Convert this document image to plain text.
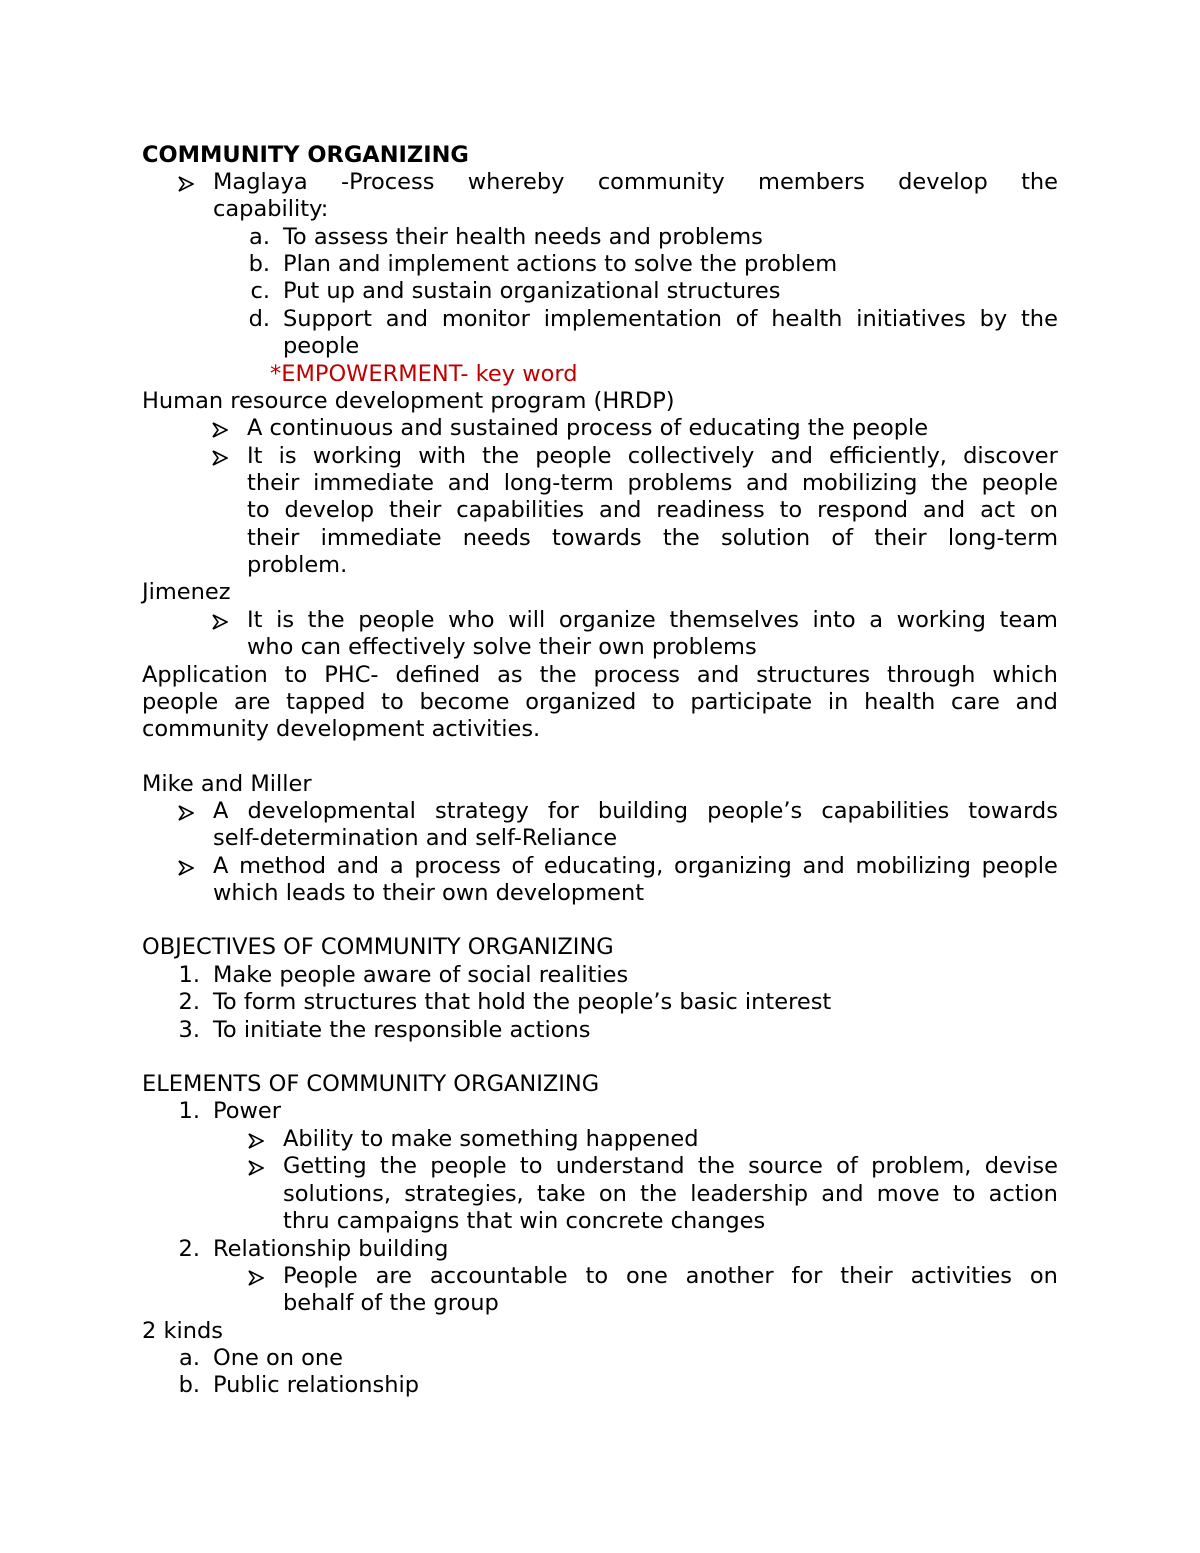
COMMUNITY ORGANIZING
Maglaya -Process whereby community members develop the
capability:
a. To assess their health needs and problems
b. Plan and implement actions to solve the problem
c. Put up and sustain organizational structures
d. Support and monitor implementation of health initiatives by the
people
*EMPOWERMENT- key word
Human resource development program (HRDP)
A continuous and sustained process of educating the people
It is working with the people collectively and efficiently, discover
their immediate and long-term problems and mobilizing the people
to develop their capabilities and readiness to respond and act on
their immediate needs towards the solution of their long-term
problem.
Jimenez
It is the people who will organize themselves into a working team
who can effectively solve their own problems
Application to PHC- defined as the process and structures through which
people are tapped to become organized to participate in health care and
community development activities.
Mike and Miller
A developmental strategy for building people’s capabilities towards
self-determination and self-Reliance
A method and a process of educating, organizing and mobilizing people
which leads to their own development
OBJECTIVES OF COMMUNITY ORGANIZING
1. Make people aware of social realities
2. To form structures that hold the people’s basic interest
3. To initiate the responsible actions
ELEMENTS OF COMMUNITY ORGANIZING
1. Power
Ability to make something happened
Getting the people to understand the source of problem, devise
solutions, strategies, take on the leadership and move to action
thru campaigns that win concrete changes
2. Relationship building
People are accountable to one another for their activities on
behalf of the group
2 kinds
a. One on one
b. Public relationship
